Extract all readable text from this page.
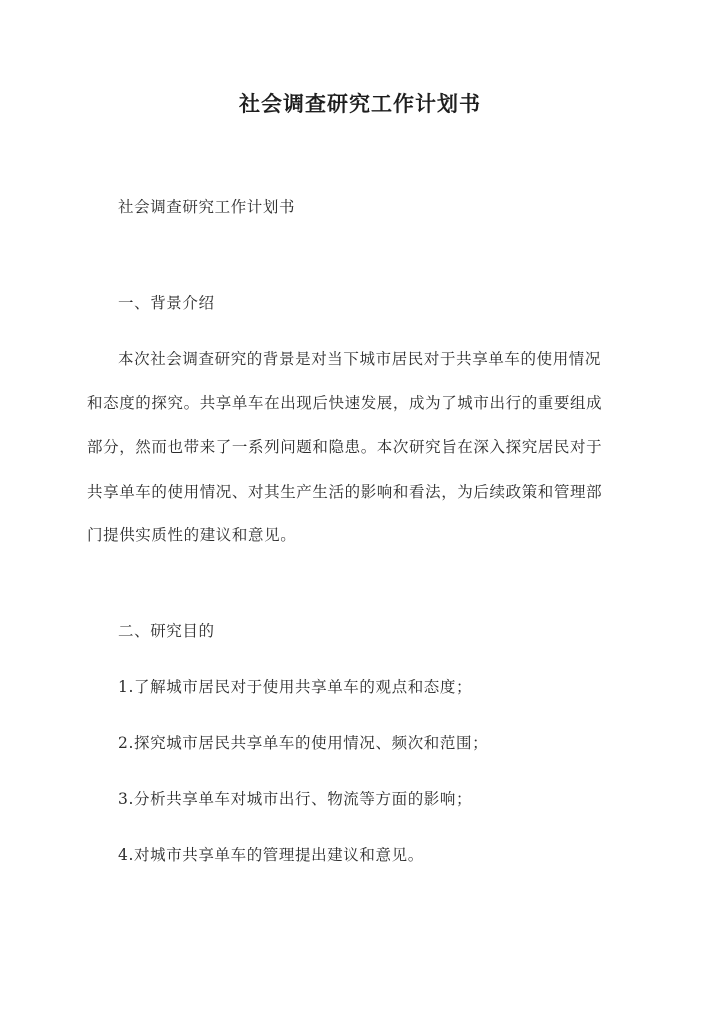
社会调查研究工作计划书
社会调查研究工作计划书
一、背景介绍
本次社会调查研究的背景是对当下城市居民对于共享单车的使用情况
和态度的探究。共享单车在出现后快速发展，成为了城市出行的重要组成
部分，然而也带来了一系列问题和隐患。本次研究旨在深入探究居民对于
共享单车的使用情况、对其生产生活的影响和看法，为后续政策和管理部
门提供实质性的建议和意见。
二、研究目的
1.了解城市居民对于使用共享单车的观点和态度；
2.探究城市居民共享单车的使用情况、频次和范围；
3.分析共享单车对城市出行、物流等方面的影响；
4.对城市共享单车的管理提出建议和意见。
